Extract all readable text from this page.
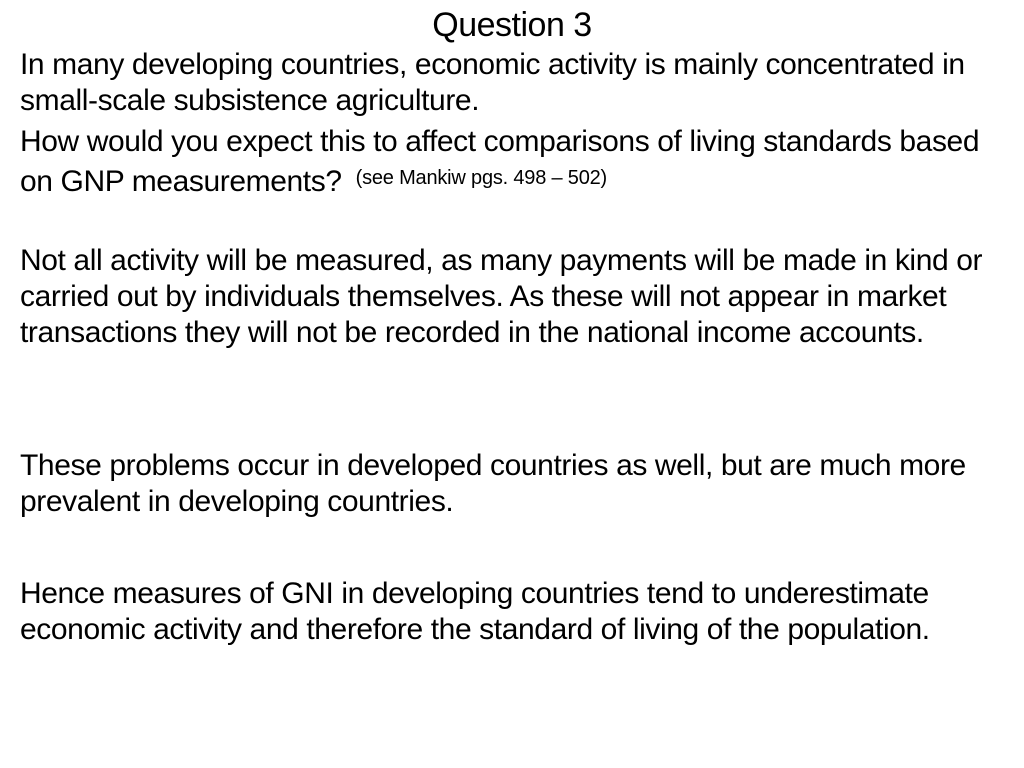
Question 3

In many developing countries, economic activity is mainly concentrated in small-scale subsistence agriculture.

How would you expect this to affect comparisons of living standards based on GNP measurements? $^{(see Mankiw pgs. 498 - 502)}$

Not all activity will be measured, as many payments will be made in kind or carried out by individuals themselves. As these will not appear in market transactions they will not be recorded in the national income accounts.

These problems occur in developed countries as well, but are much more prevalent in developing countries.

Hence measures of GNI in developing countries tend to underestimate economic activity and therefore the standard of living of the population.
